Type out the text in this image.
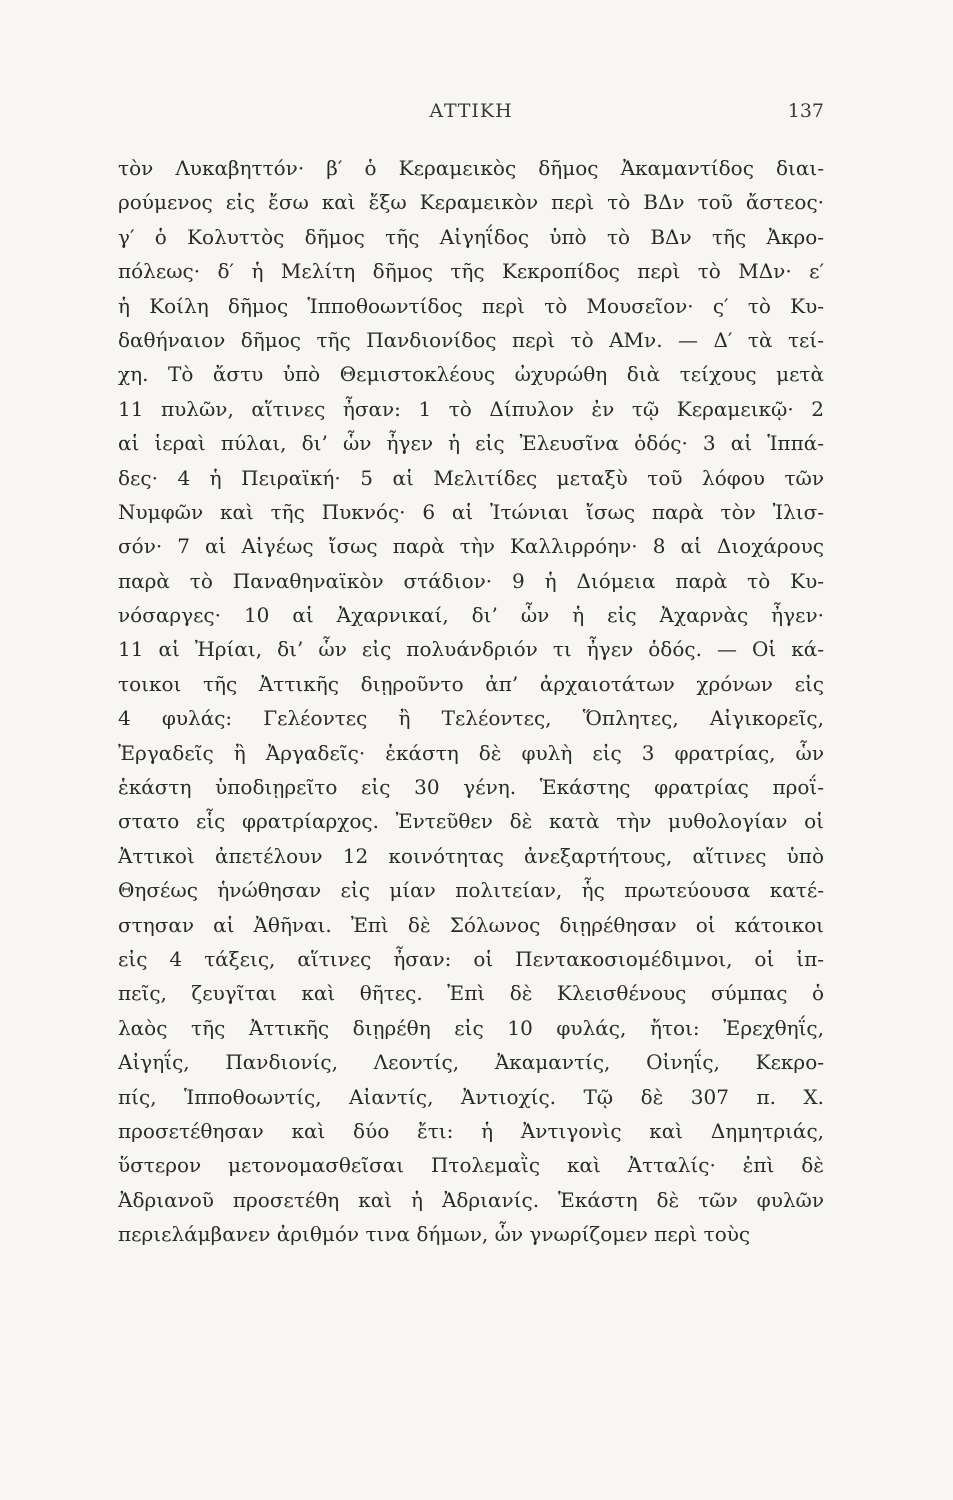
ΑΤΤΙΚΗ	137
τὸν Λυκαβηττόν· β′ ὁ Κεραμεικὸς δῆμος Ἀκαμαντίδος διαι-
ρούμενος εἰς ἔσω καὶ ἔξω Κεραμεικὸν περὶ τὸ ΒΔν τοῦ ἄστεος·
γ′ ὁ Κολυττὸς δῆμος τῆς Αἰγηΐδος ὑπὸ τὸ ΒΔν τῆς Ἀκρο-
πόλεως· δ′ ἡ Μελίτη δῆμος τῆς Κεκροπίδος περὶ τὸ ΜΔν· ε′
ἡ Κοίλη δῆμος Ἱπποθοωντίδος περὶ τὸ Μουσεῖον· ς′ τὸ Κυ-
δαθήναιον δῆμος τῆς Πανδιονίδος περὶ τὸ ΑΜν. — Δ′ τὰ τεί-
χη. Τὸ ἄστυ ὑπὸ Θεμιστοκλέους ὠχυρώθη διὰ τείχους μετὰ
11 πυλῶν, αἵτινες ἦσαν: 1 τὸ Δίπυλον ἐν τῷ Κεραμεικῷ· 2
αἱ ἱεραὶ πύλαι, δι’ ὧν ἦγεν ἡ εἰς Ἐλευσῖνα ὁδός· 3 αἱ Ἱππά-
δες· 4 ἡ Πειραϊκή· 5 αἱ Μελιτίδες μεταξὺ τοῦ λόφου τῶν
Νυμφῶν καὶ τῆς Πυκνός· 6 αἱ Ἰτώνιαι ἴσως παρὰ τὸν Ἰλισ-
σόν· 7 αἱ Αἰγέως ἴσως παρὰ τὴν Καλλιρρόην· 8 αἱ Διοχάρους
παρὰ τὸ Παναθηναϊκὸν στάδιον· 9 ἡ Διόμεια παρὰ τὸ Κυ-
νόσαργες· 10 αἱ Ἀχαρνικαί, δι’ ὧν ἡ εἰς Ἀχαρνὰς ἦγεν·
11 αἱ Ἠρίαι, δι’ ὧν εἰς πολυάνδριόν τι ἦγεν ὁδός. — Οἱ κά-
τοικοι τῆς Ἀττικῆς διῃροῦντο ἀπ’ ἀρχαιοτάτων χρόνων εἰς
4 φυλάς: Γελέοντες ἢ Τελέοντες, Ὅπλητες, Αἰγικορεῖς,
Ἐργαδεῖς ἢ Ἀργαδεῖς· ἑκάστη δὲ φυλὴ εἰς 3 φρατρίας, ὧν
ἑκάστη ὑποδιῃρεῖτο εἰς 30 γένη. Ἑκάστης φρατρίας προΐ-
στατο εἷς φρατρίαρχος. Ἐντεῦθεν δὲ κατὰ τὴν μυθολογίαν οἱ
Ἀττικοὶ ἀπετέλουν 12 κοινότητας ἀνεξαρτήτους, αἵτινες ὑπὸ
Θησέως ἡνώθησαν εἰς μίαν πολιτείαν, ἧς πρωτεύουσα κατέ-
στησαν αἱ Ἀθῆναι. Ἐπὶ δὲ Σόλωνος διῃρέθησαν οἱ κάτοικοι
εἰς 4 τάξεις, αἵτινες ἦσαν: οἱ Πεντακοσιομέδιμνοι, οἱ ἱπ-
πεῖς, ζευγῖται καὶ θῆτες. Ἐπὶ δὲ Κλεισθένους σύμπας ὁ
λαὸς τῆς Ἀττικῆς διῃρέθη εἰς 10 φυλάς, ἤτοι: Ἐρεχθηΐς,
Αἰγηΐς, Πανδιονίς, Λεοντίς, Ἀκαμαντίς, Οἰνηΐς, Κεκρο-
πίς, Ἱπποθοωντίς, Αἰαντίς, Ἀντιοχίς. Τῷ δὲ 307 π. Χ.
προσετέθησαν καὶ δύο ἔτι: ἡ Ἀντιγονὶς καὶ Δημητριάς,
ὕστερον μετονομασθεῖσαι Πτολεμαῒς καὶ Ἀτταλίς· ἐπὶ δὲ
Ἀδριανοῦ προσετέθη καὶ ἡ Ἀδριανίς. Ἑκάστη δὲ τῶν φυλῶν
περιελάμβανεν ἀριθμόν τινα δήμων, ὧν γνωρίζομεν περὶ τοὺς
